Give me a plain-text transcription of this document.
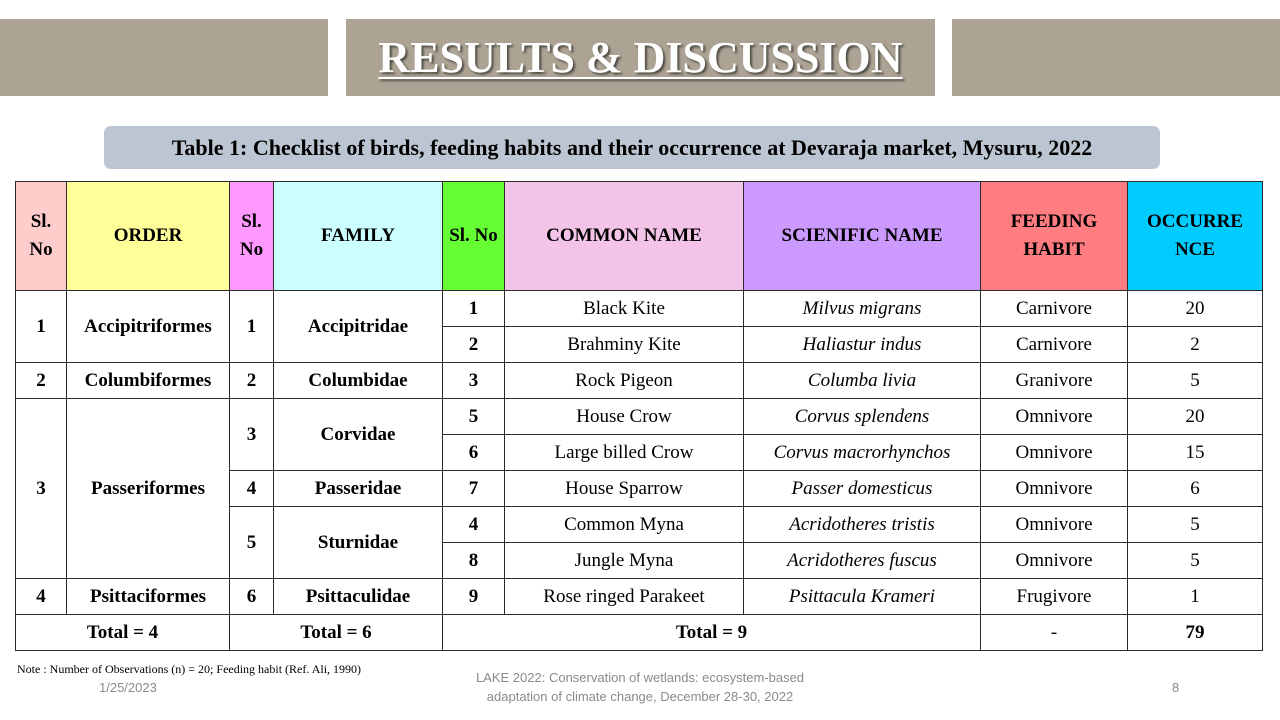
RESULTS & DISCUSSION
Table 1: Checklist of birds, feeding habits and their occurrence at Devaraja market, Mysuru, 2022
Sl. No	ORDER	Sl. No	FAMILY	Sl. No	COMMON NAME	SCIENIFIC NAME	FEEDING HABIT	OCCURRE NCE
1	Accipitriformes	1	Accipitridae	1	Black Kite	Milvus migrans	Carnivore	20
				2	Brahminy Kite	Haliastur indus	Carnivore	2
2	Columbiformes	2	Columbidae	3	Rock Pigeon	Columba livia	Granivore	5
3	Passeriformes	3	Corvidae	5	House Crow	Corvus splendens	Omnivore	20
				6	Large billed Crow	Corvus macrorhynchos	Omnivore	15
		4	Passeridae	7	House Sparrow	Passer domesticus	Omnivore	6
		5	Sturnidae	4	Common Myna	Acridotheres tristis	Omnivore	5
				8	Jungle Myna	Acridotheres fuscus	Omnivore	5
4	Psittaciformes	6	Psittaculidae	9	Rose ringed Parakeet	Psittacula Krameri	Frugivore	1
Total = 4		Total = 6		Total = 9			-	79
Note : Number of Observations (n) = 20; Feeding habit (Ref. Ali, 1990)
1/25/2023
LAKE 2022: Conservation of wetlands: ecosystem-based
adaptation of climate change, December 28-30, 2022
8
